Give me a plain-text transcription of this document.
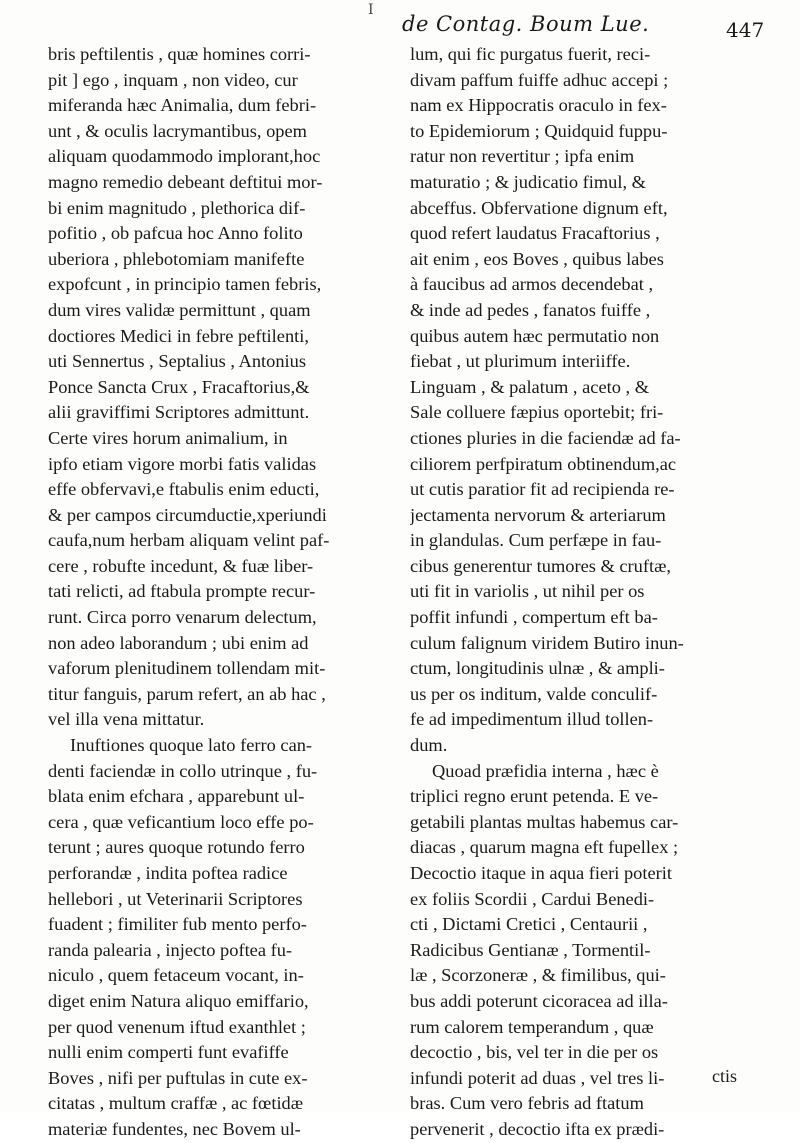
I
de Contag. Boum Lue.	447
bris peftilentis , quæ homines corri-
pit ] ego , inquam , non video, cur
miferanda hæc Animalia, dum febri-
unt , & oculis lacrymantibus, opem
aliquam quodammodo implorant,hoc
magno remedio debeant deftitui mor-
bi enim magnitudo , plethorica dif-
pofitio , ob pafcua hoc Anno folito
uberiora , phlebotomiam manifefte
expofcunt , in principio tamen febris,
dum vires validæ permittunt , quam
doctiores Medici in febre peftilenti,
uti Sennertus , Septalius , Antonius
Ponce Sancta Crux , Fracaftorius,&
alii graviffimi Scriptores admittunt.
Certe vires horum animalium, in
ipfo etiam vigore morbi fatis validas
effe obfervavi,e ftabulis enim educti,
& per campos circumductie,xperiundi
caufa,num herbam aliquam velint paf-
cere , robufte incedunt, & fuæ liber-
tati relicti, ad ftabula prompte recur-
runt. Circa porro venarum delectum,
non adeo laborandum ; ubi enim ad
vaforum plenitudinem tollendam mit-
titur fanguis, parum refert, an ab hac ,
vel illa vena mittatur.
Inuftiones quoque lato ferro can-
denti faciendæ in collo utrinque , fu-
blata enim efchara , apparebunt ul-
cera , quæ veficantium loco effe po-
terunt ; aures quoque rotundo ferro
perforandæ , indita poftea radice
hellebori , ut Veterinarii Scriptores
fuadent ; fimiliter fub mento perfo-
randa palearia , injecto poftea fu-
niculo , quem fetaceum vocant, in-
diget enim Natura aliquo emiffario,
per quod venenum iftud exanthlet ;
nulli enim comperti funt evafiffe
Boves , nifi per puftulas in cute ex-
citatas , multum craffæ , ac fœtidæ
materiæ fundentes, nec Bovem ul-
lum, qui fic purgatus fuerit, reci-
divam paffum fuiffe adhuc accepi ;
nam ex Hippocratis oraculo in fex-
to Epidemiorum ; Quidquid fuppu-
ratur non revertitur ; ipfa enim
maturatio ; & judicatio fimul, &
abceffus. Obfervatione dignum eft,
quod refert laudatus Fracaftorius ,
ait enim , eos Boves , quibus labes
à faucibus ad armos decendebat ,
& inde ad pedes , fanatos fuiffe ,
quibus autem hæc permutatio non
fiebat , ut plurimum interiiffe.
Linguam , & palatum , aceto , &
Sale colluere fæpius oportebit; fri-
ctiones pluries in die faciendæ ad fa-
ciliorem perfpiratum obtinendum,ac
ut cutis paratior fit ad recipienda re-
jectamenta nervorum & arteriarum
in glandulas. Cum perfæpe in fau-
cibus generentur tumores & cruftæ,
uti fit in variolis , ut nihil per os
poffit infundi , compertum eft ba-
culum falignum viridem Butiro inun-
ctum, longitudinis ulnæ , & ampli-
us per os inditum, valde conculif-
fe ad impedimentum illud tollen-
dum.
Quoad præfidia interna , hæc è
triplici regno erunt petenda. E ve-
getabili plantas multas habemus car-
diacas , quarum magna eft fupellex ;
Decoctio itaque in aqua fieri poterit
ex foliis Scordii , Cardui Benedi-
cti , Dictami Cretici , Centaurii ,
Radicibus Gentianæ , Tormentil-
læ , Scorzoneræ , & fimilibus, qui-
bus addi poterunt cicoracea ad illa-
rum calorem temperandum , quæ
decoctio , bis, vel ter in die per os
infundi poterit ad duas , vel tres li-
bras. Cum vero febris ad ftatum
pervenerit , decoctio ifta ex prædi-
ctis
